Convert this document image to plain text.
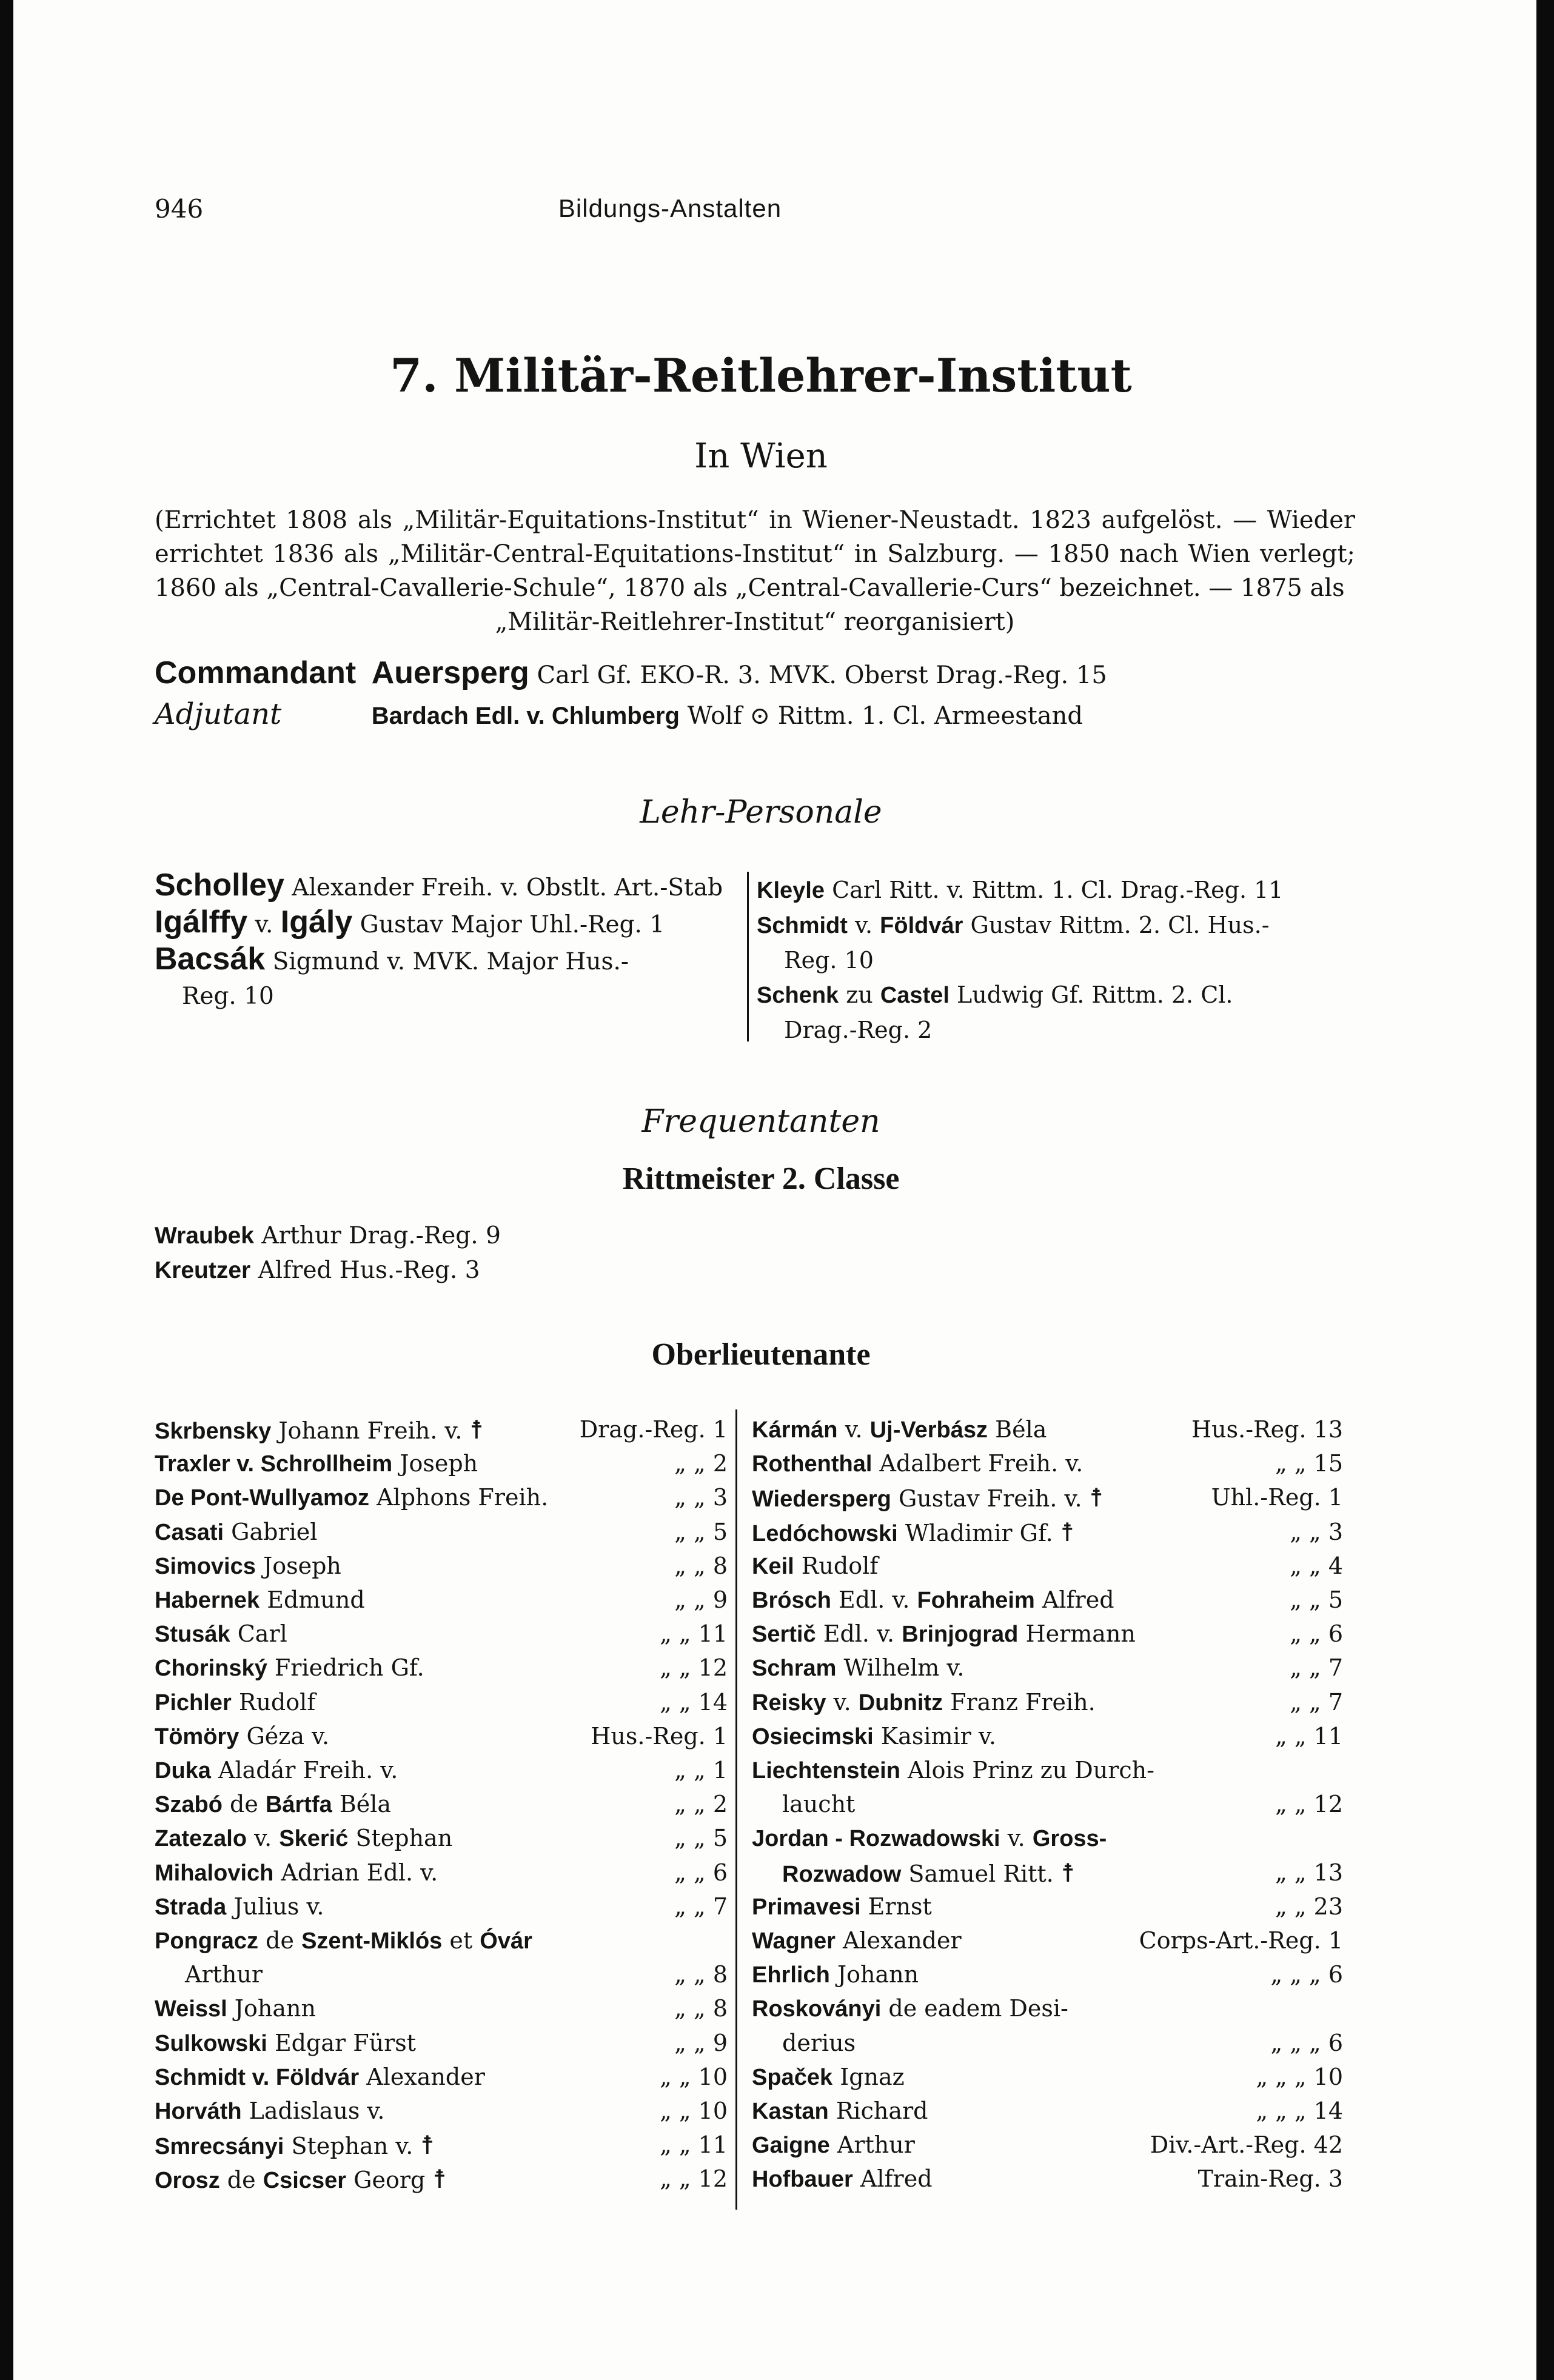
946	Bildungs-Anstalten
7. Militär-Reitlehrer-Institut
In Wien
(Errichtet 1808 als „Militär-Equitations-Institut“ in Wiener-Neustadt. 1823 aufgelöst. — Wieder errichtet 1836 als „Militär-Central-Equitations-Institut“ in Salzburg. — 1850 nach Wien verlegt; 1860 als „Central-Cavallerie-Schule“, 1870 als „Central-Cavallerie-Curs“ bezeichnet. — 1875 als
„Militär-Reitlehrer-Institut“ reorganisiert)
Commandant Auersperg Carl Gf. EKO-R. 3. MVK. Oberst Drag.-Reg. 15
Adjutant	Bardach Edl. v. Chlumberg Wolf ⊙ Rittm. 1. Cl. Armeestand
Lehr-Personale

Scholley Alexander Freih. v. Obstlt. Art.-Stab

Igálffy v. Igály Gustav Major Uhl.-Reg. 1

Bacsák Sigmund v. MVK. Major Hus.-

Reg. 10

Kleyle Carl Ritt. v. Rittm. 1. Cl. Drag.-Reg. 11

Schmidt v. Földvár Gustav Rittm. 2. Cl. Hus.-

Reg. 10

Schenk zu Castel Ludwig Gf. Rittm. 2. Cl.

Drag.-Reg. 2

Frequentanten
Rittmeister 2. Classe
Wraubek Arthur Drag.-Reg. 9
Kreutzer Alfred Hus.-Reg. 3
Oberlieutenante
Skrbensky Johann Freih. v. ☨	Drag.-Reg. 1
Traxler v. Schrollheim Joseph	„ „ 2
De Pont-Wullyamoz Alphons Freih.	„ „ 3
Casati Gabriel	„ „ 5
Simovics Joseph	„ „ 8
Habernek Edmund	„ „ 9
Stusák Carl	„ „ 11
Chorinský Friedrich Gf.	„ „ 12
Pichler Rudolf	„ „ 14
Tömöry Géza v.	Hus.-Reg. 1
Duka Aladár Freih. v.	„ „ 1
Szabó de Bártfa Béla	„ „ 2
Zatezalo v. Skerić Stephan	„ „ 5
Mihalovich Adrian Edl. v.	„ „ 6
Strada Julius v.	„ „ 7
Pongracz de Szent-Miklós et Óvár
Arthur	„ „ 8
Weissl Johann	„ „ 8
Sulkowski Edgar Fürst	„ „ 9
Schmidt v. Földvár Alexander	„ „ 10
Horváth Ladislaus v.	„ „ 10
Smrecsányi Stephan v. ☨	„ „ 11
Orosz de Csicser Georg ☨	„ „ 12
Kármán v. Uj-Verbász Béla	Hus.-Reg. 13
Rothenthal Adalbert Freih. v.	„ „ 15
Wiedersperg Gustav Freih. v. ☨	Uhl.-Reg. 1
Ledóchowski Wladimir Gf. ☨	„ „ 3
Keil Rudolf	„ „ 4
Brósch Edl. v. Fohraheim Alfred	„ „ 5
Sertič Edl. v. Brinjograd Hermann	„ „ 6
Schram Wilhelm v.	„ „ 7
Reisky v. Dubnitz Franz Freih.	„ „ 7
Osiecimski Kasimir v.	„ „ 11
Liechtenstein Alois Prinz zu Durch-
laucht	„ „ 12
Jordan - Rozwadowski v. Gross-
Rozwadow Samuel Ritt. ☨	„ „ 13
Primavesi Ernst	„ „ 23
Wagner Alexander	Corps-Art.-Reg. 1
Ehrlich Johann	„ „ „ 6
Roskoványi de eadem Desi-
derius	„ „ „ 6
Spaček Ignaz	„ „ „ 10
Kastan Richard	„ „ „ 14
Gaigne Arthur	Div.-Art.-Reg. 42
Hofbauer Alfred	Train-Reg. 3
